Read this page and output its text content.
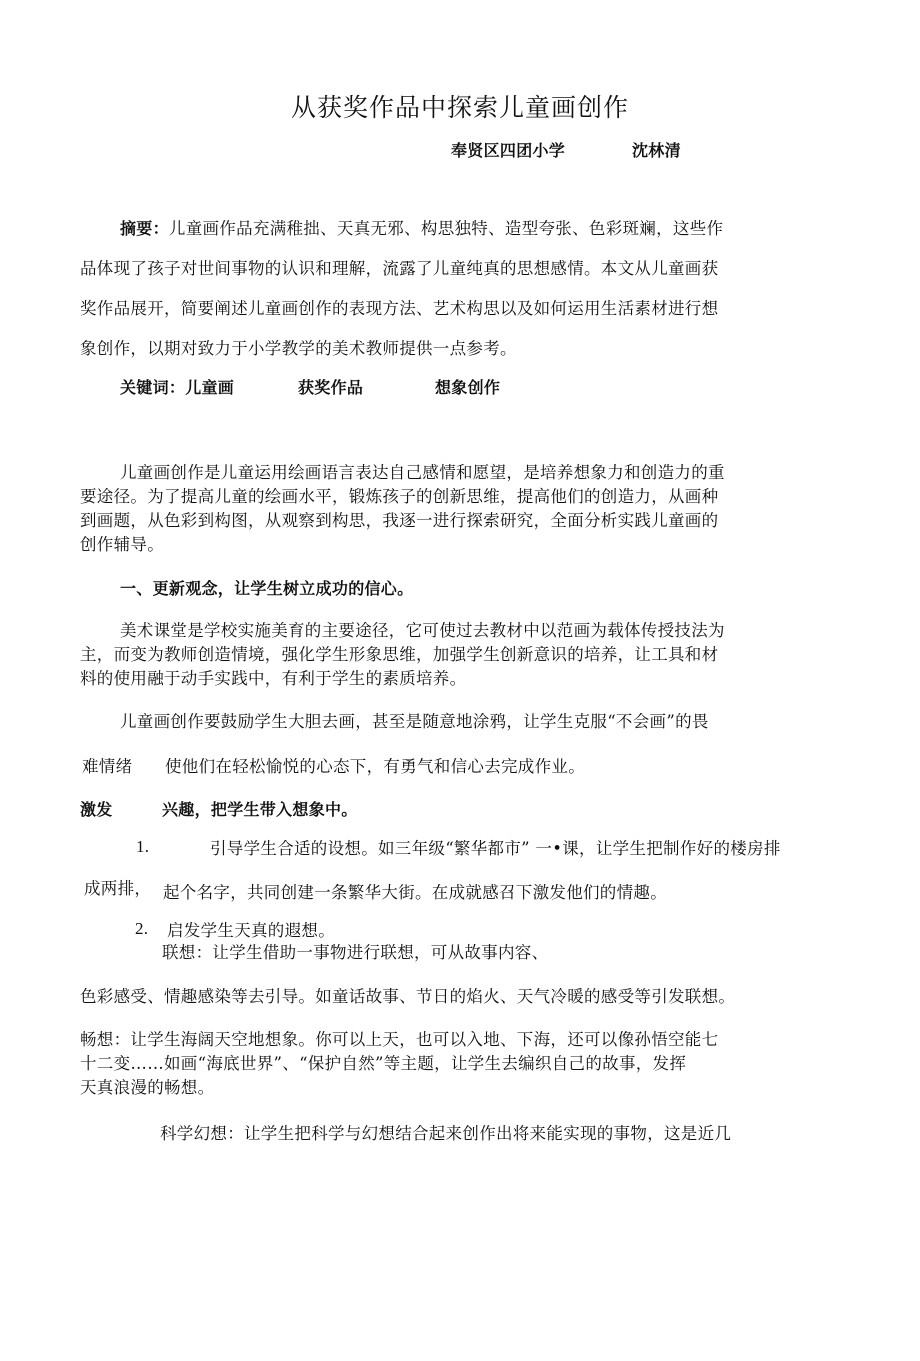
从获奖作品中探索儿童画创作
奉贤区四团小学	沈林清
摘要：儿童画作品充满稚拙、天真无邪、构思独特、造型夸张、色彩斑斓，这些作
品体现了孩子对世间事物的认识和理解，流露了儿童纯真的思想感情。本文从儿童画获
奖作品展开，简要阐述儿童画创作的表现方法、艺术构思以及如何运用生活素材进行想
象创作，以期对致力于小学教学的美术教师提供一点参考。
关键词：儿童画	获奖作品	想象创作
儿童画创作是儿童运用绘画语言表达自己感情和愿望，是培养想象力和创造力的重
要途径。为了提高儿童的绘画水平，锻炼孩子的创新思维，提高他们的创造力，从画种
到画题，从色彩到构图，从观察到构思，我逐一进行探索研究，全面分析实践儿童画的
创作辅导。
一、更新观念，让学生树立成功的信心。
美术课堂是学校实施美育的主要途径，它可使过去教材中以范画为载体传授技法为
主，而变为教师创造情境，强化学生形象思维，加强学生创新意识的培养，让工具和材
料的使用融于动手实践中，有利于学生的素质培养。
儿童画创作要鼓励学生大胆去画，甚至是随意地涂鸦，让学生克服“不会画”的畏
难情绪 使他们在轻松愉悦的心态下，有勇气和信心去完成作业。
激发	兴趣，把学生带入想象中。
1.	引导学生合适的设想。如三年级“繁华都市” 一•课，让学生把制作好的楼房排
成两排， 起个名字，共同创建一条繁华大街。在成就感召下激发他们的情趣。
2. 启发学生天真的遐想。
联想：让学生借助一事物进行联想，可从故事内容、
色彩感受、情趣感染等去引导。如童话故事、节日的焰火、天气冷暖的感受等引发联想。
畅想：让学生海阔天空地想象。你可以上天，也可以入地、下海，还可以像孙悟空能七
十二变……如画“海底世界”、“保护自然”等主题，让学生去编织自己的故事，发挥
天真浪漫的畅想。
科学幻想：让学生把科学与幻想结合起来创作出将来能实现的事物，这是近几
